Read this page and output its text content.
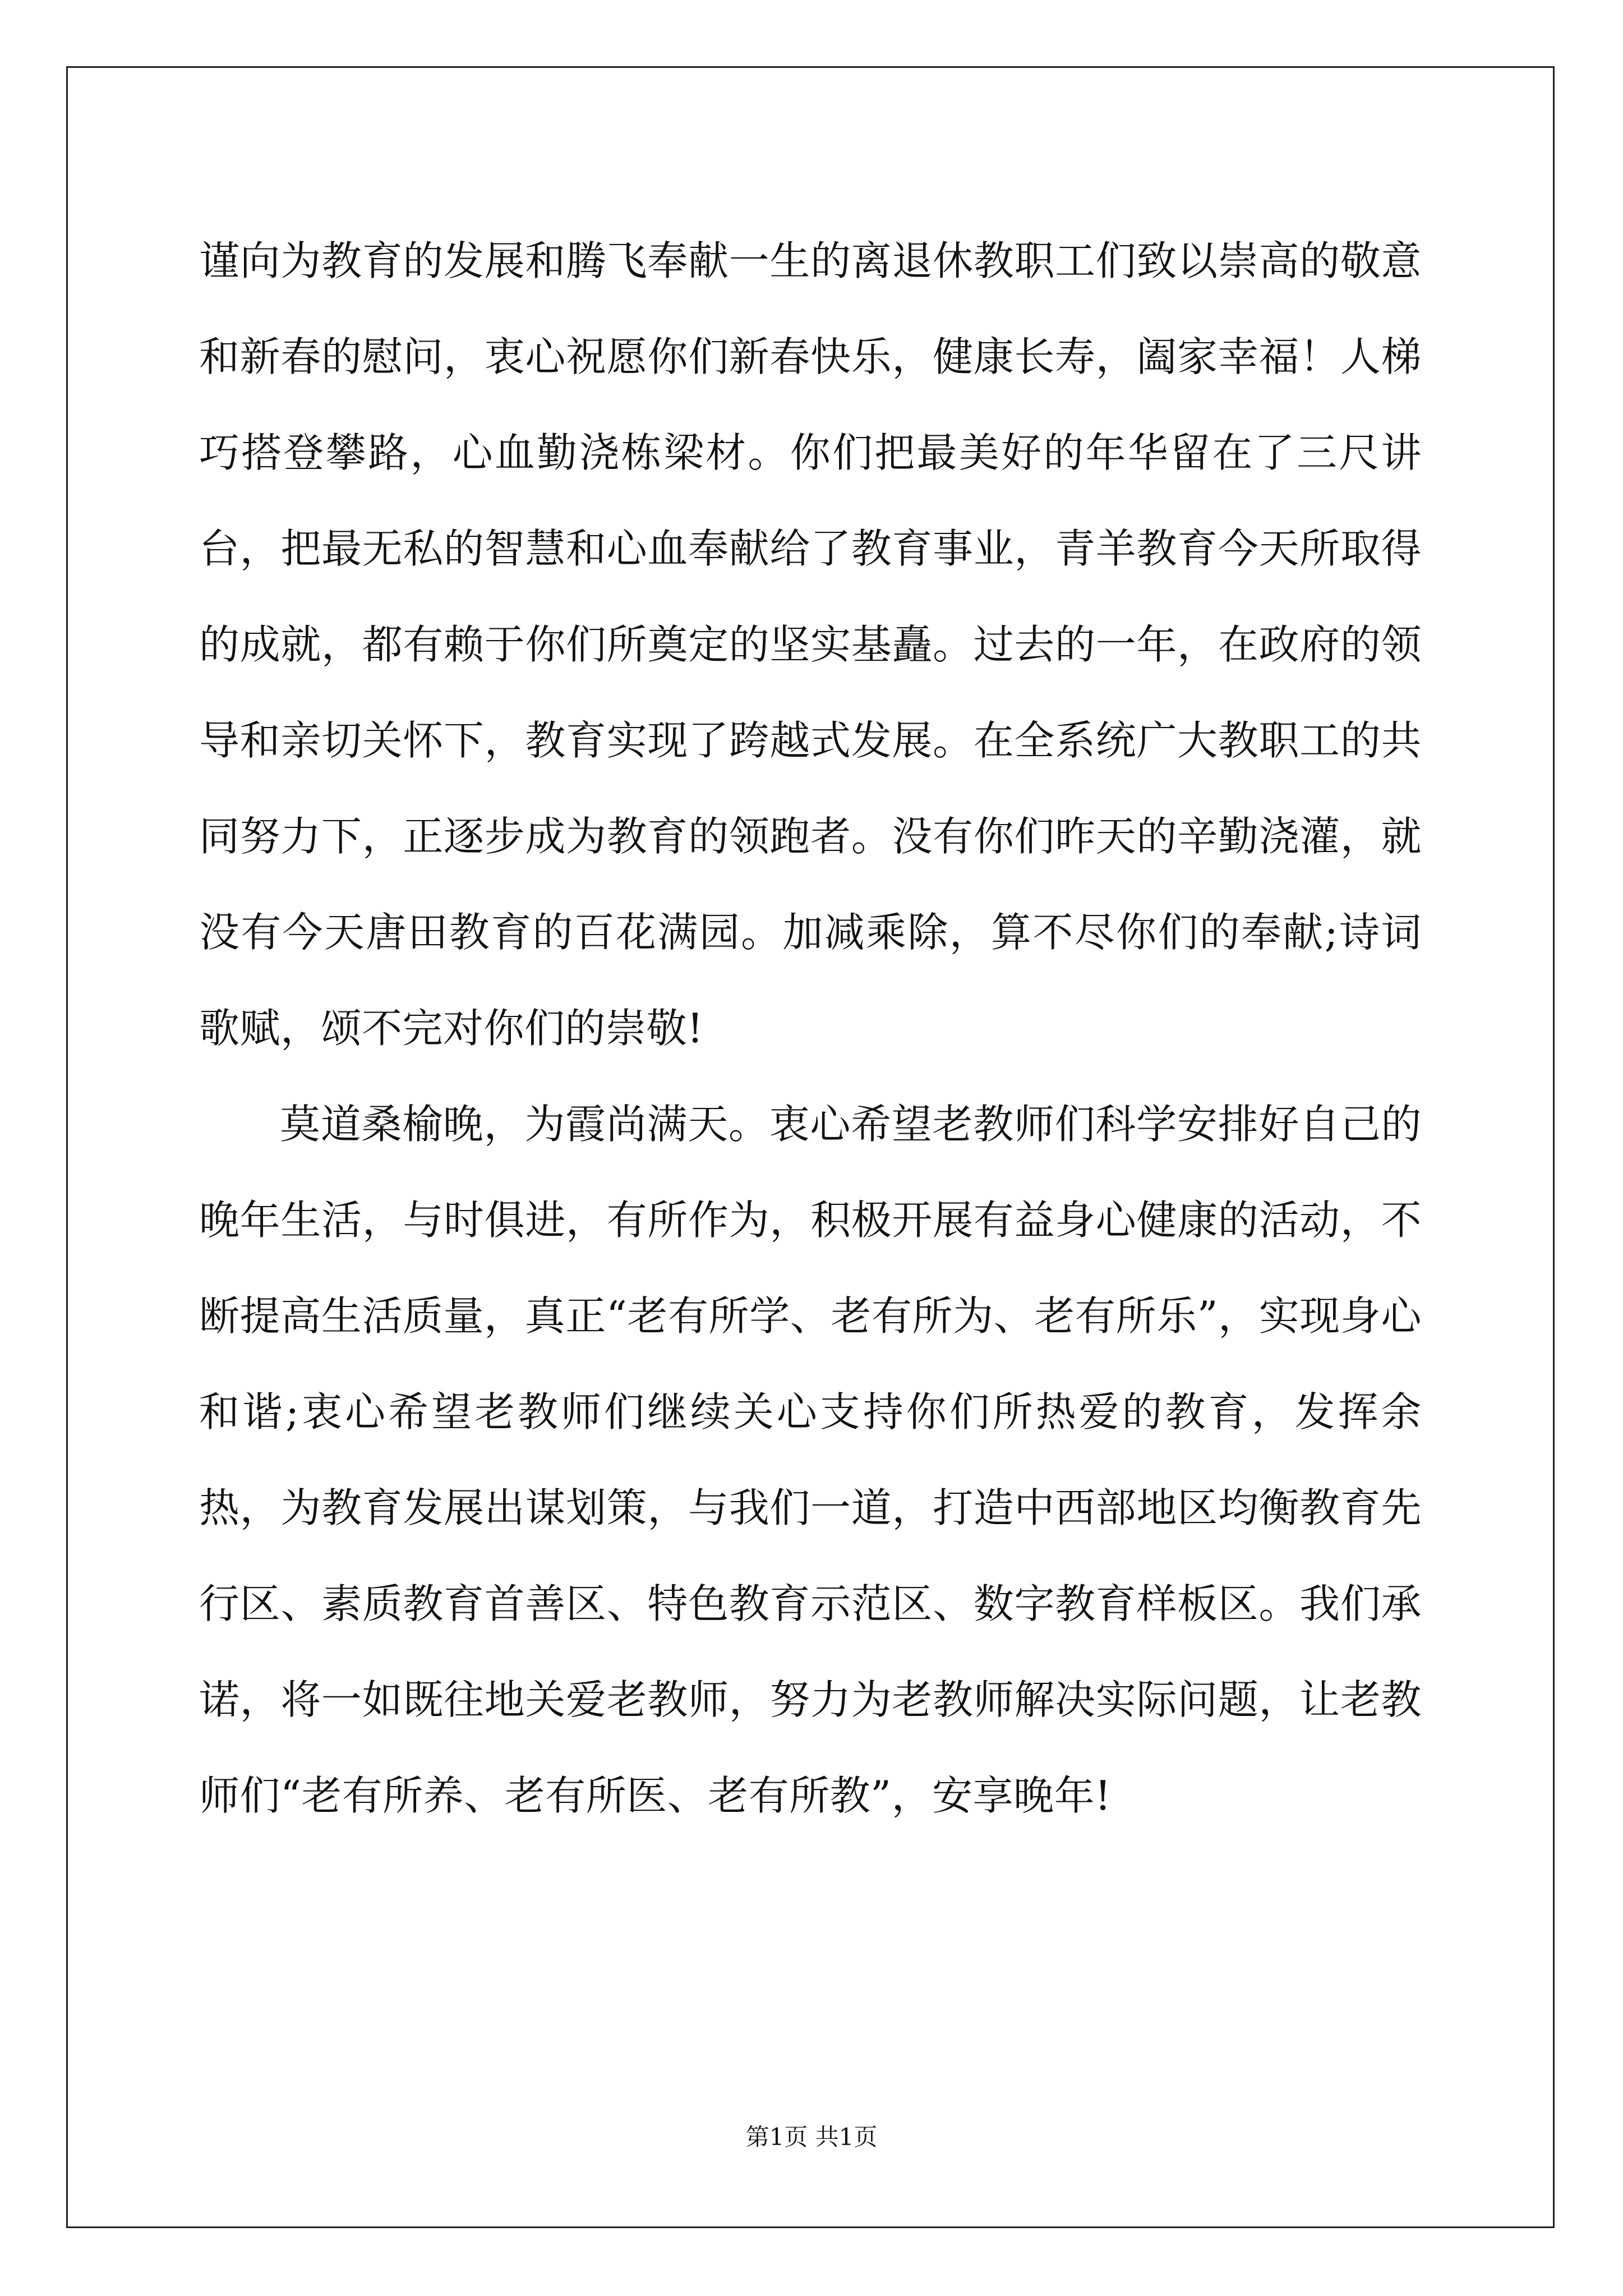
谨向为教育的发展和腾飞奉献一生的离退休教职工们致以崇高的敬意和新春的慰问，衷心祝愿你们新春快乐，健康长寿，阖家幸福！人梯巧搭登攀路，心血勤浇栋梁材。你们把最美好的年华留在了三尺讲台，把最无私的智慧和心血奉献给了教育事业，青羊教育今天所取得的成就，都有赖于你们所奠定的坚实基矗。过去的一年，在政府的领导和亲切关怀下，教育实现了跨越式发展。在全系统广大教职工的共同努力下，正逐步成为教育的领跑者。没有你们昨天的辛勤浇灌，就没有今天唐田教育的百花满园。加减乘除，算不尽你们的奉献;诗词歌赋，颂不完对你们的崇敬!

莫道桑榆晚，为霞尚满天。衷心希望老教师们科学安排好自己的晚年生活，与时俱进，有所作为，积极开展有益身心健康的活动，不断提高生活质量，真正“老有所学、老有所为、老有所乐”，实现身心和谐;衷心希望老教师们继续关心支持你们所热爱的教育，发挥余热，为教育发展出谋划策，与我们一道，打造中西部地区均衡教育先行区、素质教育首善区、特色教育示范区、数字教育样板区。我们承诺，将一如既往地关爱老教师，努力为老教师解决实际问题，让老教师们“老有所养、老有所医、老有所教”，安享晚年!

第1页 共1页
